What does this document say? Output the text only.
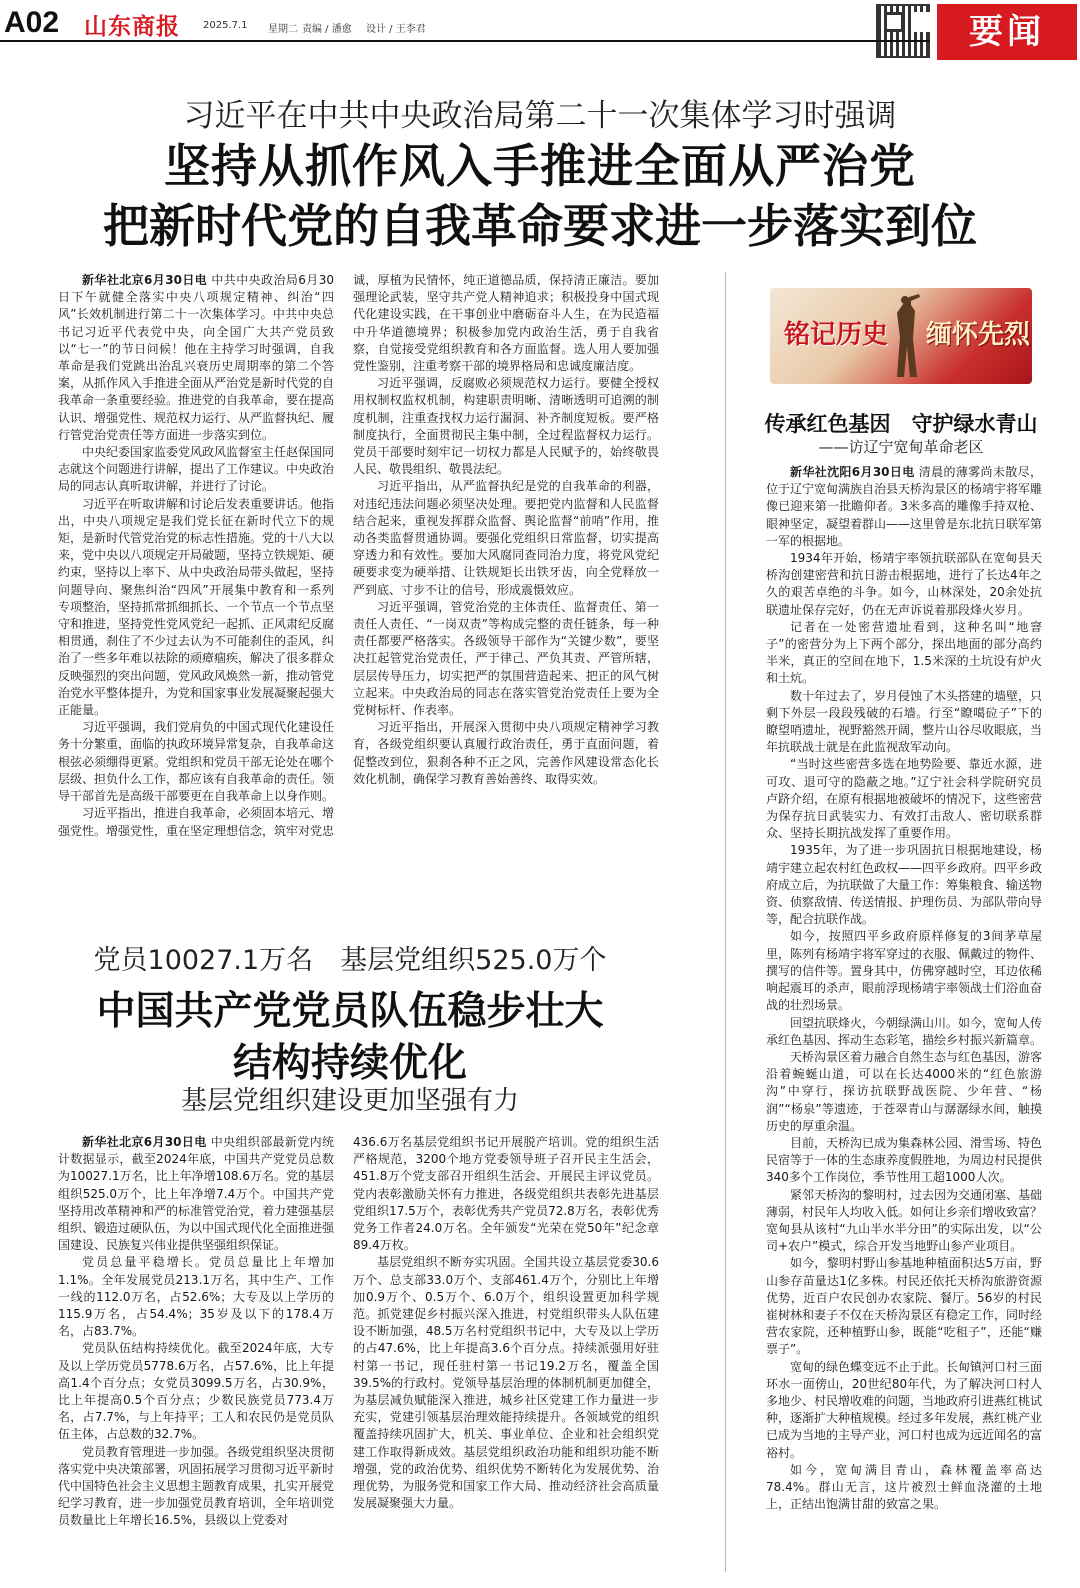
A02 山东商报 2025.7.1 星期二 责编 / 潘愈 设计 / 王李君	要闻
习近平在中共中央政治局第二十一次集体学习时强调
坚持从抓作风入手推进全面从严治党
把新时代党的自我革命要求进一步落实到位

新华社北京6月30日电 中共中央政治局6月30日下午就健全落实中央八项规定精神、纠治“四风”长效机制进行第二十一次集体学习。中共中央总书记习近平代表党中央，向全国广大共产党员致以“七一”的节日问候！他在主持学习时强调，自我革命是我们党跳出治乱兴衰历史周期率的第二个答案，从抓作风入手推进全面从严治党是新时代党的自我革命一条重要经验。推进党的自我革命，要在提高认识、增强党性、规范权力运行、从严监督执纪、履行管党治党责任等方面进一步落实到位。

中央纪委国家监委党风政风监督室主任赵保国同志就这个问题进行讲解，提出了工作建议。中央政治局的同志认真听取讲解，并进行了讨论。

习近平在听取讲解和讨论后发表重要讲话。他指出，中央八项规定是我们党长征在新时代立下的规矩，是新时代管党治党的标志性措施。党的十八大以来，党中央以八项规定开局破题，坚持立铁规矩、硬约束，坚持以上率下、从中央政治局带头做起，坚持问题导向、聚焦纠治“四风”开展集中教育和一系列专项整治，坚持抓常抓细抓长、一个节点一个节点坚守和推进，坚持党性党风党纪一起抓、正风肃纪反腐相贯通，刹住了不少过去认为不可能刹住的歪风，纠治了一些多年难以祛除的顽瘴痼疾，解决了很多群众反映强烈的突出问题，党风政风焕然一新，推动管党治党水平整体提升，为党和国家事业发展凝聚起强大正能量。

习近平强调，我们党肩负的中国式现代化建设任务十分繁重，面临的执政环境异常复杂，自我革命这根弦必须绷得更紧。党组织和党员干部无论处在哪个层级、担负什么工作，都应该有自我革命的责任。领导干部首先是高级干部要更在自我革命上以身作则。

习近平指出，推进自我革命，必须固本培元、增强党性。增强党性，重在坚定理想信念，筑牢对党忠

诚，厚植为民情怀，纯正道德品质，保持清正廉洁。要加强理论武装，坚守共产党人精神追求；积极投身中国式现代化建设实践，在干事创业中磨砺奋斗人生，在为民造福中升华道德境界；积极参加党内政治生活，勇于自我省察，自觉接受党组织教育和各方面监督。选人用人要加强党性鉴别，注重考察干部的境界格局和忠诚度廉洁度。

习近平强调，反腐败必须规范权力运行。要健全授权用权制权监权机制，构建职责明晰、清晰透明可追溯的制度机制，注重查找权力运行漏洞、补齐制度短板。要严格制度执行，全面贯彻民主集中制，全过程监督权力运行。党员干部要时刻牢记一切权力都是人民赋予的，始终敬畏人民、敬畏组织、敬畏法纪。

习近平指出，从严监督执纪是党的自我革命的利器，对违纪违法问题必须坚决处理。要把党内监督和人民监督结合起来，重视发挥群众监督、舆论监督“前哨”作用，推动各类监督贯通协调。要强化党组织日常监督，切实提高穿透力和有效性。要加大风腐同查同治力度，将党风党纪硬要求变为硬举措、让铁规矩长出铁牙齿，向全党释放一严到底、寸步不让的信号，形成震慑效应。

习近平强调，管党治党的主体责任、监督责任、第一责任人责任、“一岗双责”等构成完整的责任链条，每一种责任都要严格落实。各级领导干部作为“关键少数”，要坚决扛起管党治党责任，严于律己、严负其责、严管所辖，层层传导压力，切实把严的氛围营造起来、把正的风气树立起来。中央政治局的同志在落实管党治党责任上要为全党树标杆、作表率。

习近平指出，开展深入贯彻中央八项规定精神学习教育，各级党组织要认真履行政治责任，勇于直面问题，着促整改到位，狠刹各种不正之风，完善作风建设常态化长效化机制，确保学习教育善始善终、取得实效。

党员10027.1万名　基层党组织525.0万个
中国共产党党员队伍稳步壮大
结构持续优化
基层党组织建设更加坚强有力

新华社北京6月30日电 中央组织部最新党内统计数据显示，截至2024年底，中国共产党党员总数为10027.1万名，比上年净增108.6万名。党的基层组织525.0万个，比上年净增7.4万个。中国共产党坚持用改革精神和严的标准管党治党，着力建强基层组织、锻造过硬队伍，为以中国式现代化全面推进强国建设、民族复兴伟业提供坚强组织保证。

党员总量平稳增长。党员总量比上年增加1.1%。全年发展党员213.1万名，其中生产、工作一线的112.0万名，占52.6%；大专及以上学历的115.9万名，占54.4%；35岁及以下的178.4万名，占83.7%。

党员队伍结构持续优化。截至2024年底，大专及以上学历党员5778.6万名，占57.6%，比上年提高1.4个百分点；女党员3099.5万名，占30.9%，比上年提高0.5个百分点；少数民族党员773.4万名，占7.7%，与上年持平；工人和农民仍是党员队伍主体，占总数的32.7%。

党员教育管理进一步加强。各级党组织坚决贯彻落实党中央决策部署，巩固拓展学习贯彻习近平新时代中国特色社会主义思想主题教育成果，扎实开展党纪学习教育，进一步加强党员教育培训，全年培训党员数量比上年增长16.5%，县级以上党委对

436.6万名基层党组织书记开展脱产培训。党的组织生活严格规范，3200个地方党委领导班子召开民主生活会，451.8万个党支部召开组织生活会、开展民主评议党员。党内表彰激励关怀有力推进，各级党组织共表彰先进基层党组织17.5万个，表彰优秀共产党员72.8万名，表彰优秀党务工作者24.0万名。全年颁发“光荣在党50年”纪念章89.4万枚。

基层党组织不断夯实巩固。全国共设立基层党委30.6万个、总支部33.0万个、支部461.4万个，分别比上年增加0.9万个、0.5万个、6.0万个，组织设置更加科学规范。抓党建促乡村振兴深入推进，村党组织带头人队伍建设不断加强，48.5万名村党组织书记中，大专及以上学历的占47.6%，比上年提高3.6个百分点。持续派强用好驻村第一书记，现任驻村第一书记19.2万名，覆盖全国39.5%的行政村。党领导基层治理的体制机制更加健全，为基层减负赋能深入推进，城乡社区党建工作力量进一步充实，党建引领基层治理效能持续提升。各领域党的组织覆盖持续巩固扩大，机关、事业单位、企业和社会组织党建工作取得新成效。基层党组织政治功能和组织功能不断增强，党的政治优势、组织优势不断转化为发展优势、治理优势，为服务党和国家工作大局、推动经济社会高质量发展凝聚强大力量。

铭记历史 缅怀先烈
传承红色基因　守护绿水青山
——访辽宁宽甸革命老区

新华社沈阳6月30日电 清晨的薄雾尚未散尽，位于辽宁宽甸满族自治县天桥沟景区的杨靖宇将军雕像已迎来第一批瞻仰者。3米多高的雕像手持双枪、眼神坚定，凝望着群山——这里曾是东北抗日联军第一军的根据地。

1934年开始，杨靖宇率领抗联部队在宽甸县天桥沟创建密营和抗日游击根据地，进行了长达4年之久的艰苦卓绝的斗争。如今，山林深处，20余处抗联遗址保存完好，仍在无声诉说着那段烽火岁月。

记者在一处密营遗址看到，这种名叫“地窨子”的密营分为上下两个部分，探出地面的部分高约半米，真正的空间在地下，1.5米深的土坑设有炉火和土炕。

数十年过去了，岁月侵蚀了木头搭建的墙壁，只剩下外层一段段残破的石墙。行至“瞭噶砬子”下的瞭望哨遗址，视野豁然开阔，整片山谷尽收眼底，当年抗联战士就是在此监视敌军动向。

“当时这些密营多选在地势险要、靠近水源，进可攻、退可守的隐蔽之地。”辽宁社会科学院研究员卢跻介绍，在原有根据地被破坏的情况下，这些密营为保存抗日武装实力、有效打击敌人、密切联系群众、坚持长期抗战发挥了重要作用。

1935年，为了进一步巩固抗日根据地建设，杨靖宇建立起农村红色政权——四平乡政府。四平乡政府成立后，为抗联做了大量工作：筹集粮食、输送物资、侦察敌情、传送情报、护理伤员、为部队带向导等，配合抗联作战。

如今，按照四平乡政府原样修复的3间茅草屋里，陈列有杨靖宇将军穿过的衣服、佩戴过的物件、撰写的信件等。置身其中，仿佛穿越时空，耳边依稀响起震耳的杀声，眼前浮现杨靖宇率领战士们浴血奋战的壮烈场景。

回望抗联烽火，今朝绿满山川。如今，宽甸人传承红色基因、挥动生态彩笔，描绘乡村振兴新篇章。

天桥沟景区着力融合自然生态与红色基因，游客沿着蜿蜒山道，可以在长达4000米的“红色旅游沟”中穿行，探访抗联野战医院、少年营、“杨润”“杨泉”等遗迹，于苍翠青山与潺潺绿水间，触摸历史的厚重余温。

目前，天桥沟已成为集森林公园、滑雪场、特色民宿等于一体的生态康养度假胜地，为周边村民提供340多个工作岗位，季节性用工超1000人次。

紧邻天桥沟的黎明村，过去因为交通闭塞、基础薄弱，村民年人均收入低。如何让乡亲们增收致富？宽甸县从该村“九山半水半分田”的实际出发，以“公司+农户”模式，综合开发当地野山参产业项目。

如今，黎明村野山参基地种植面积达5万亩，野山参存苗量达1亿多株。村民还依托天桥沟旅游资源优势，近百户农民创办农家院、餐厅。56岁的村民崔树林和妻子不仅在天桥沟景区有稳定工作，同时经营农家院，还种植野山参，既能“吃租子”，还能“赚票子”。

宽甸的绿色蝶变远不止于此。长甸镇河口村三面环水一面傍山，20世纪80年代，为了解决河口村人多地少、村民增收难的问题，当地政府引进燕红桃试种，逐渐扩大种植规模。经过多年发展，燕红桃产业已成为当地的主导产业，河口村也成为远近闻名的富裕村。

如今，宽甸满目青山，森林覆盖率高达78.4%。群山无言，这片被烈士鲜血浇灌的土地上，正结出饱满甘甜的致富之果。
